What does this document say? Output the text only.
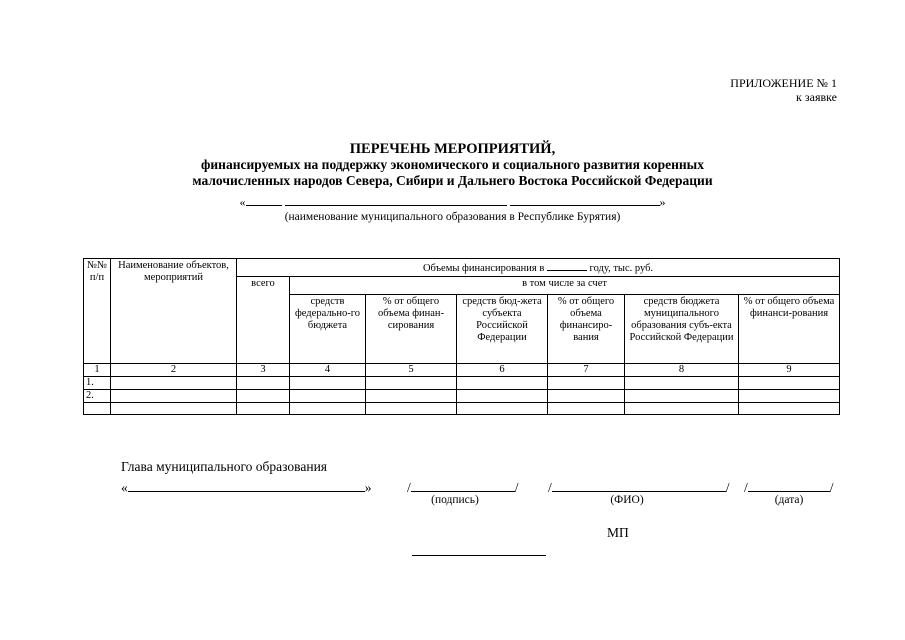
ПРИЛОЖЕНИЕ № 1
к заявке
ПЕРЕЧЕНЬ МЕРОПРИЯТИЙ,
финансируемых на поддержку экономического и социального развития коренных
малочисленных народов Севера, Сибири и Дальнего Востока Российской Федерации
«	»
(наименование муниципального образования в Республике Бурятия)
№№ п/п	Наименование объектов, мероприятий	Объемы финансирования в году, тыс. руб.						
		всего	в том числе за счет					
			средств федерально-го бюджета	% от общего объема финан-сирования	средств бюд-жета субъекта Российской Федерации	% от общего объема финансиро-вания	средств бюджета муниципального образования субъ-екта Российской Федерации	% от общего объема финанси-рования
1	2	3	4	5	6	7	8	9
1.								
2.								

Глава муниципального образования
«	»	/	/ /	/ /	/
(подпись)	(ФИО)	(дата)
МП
